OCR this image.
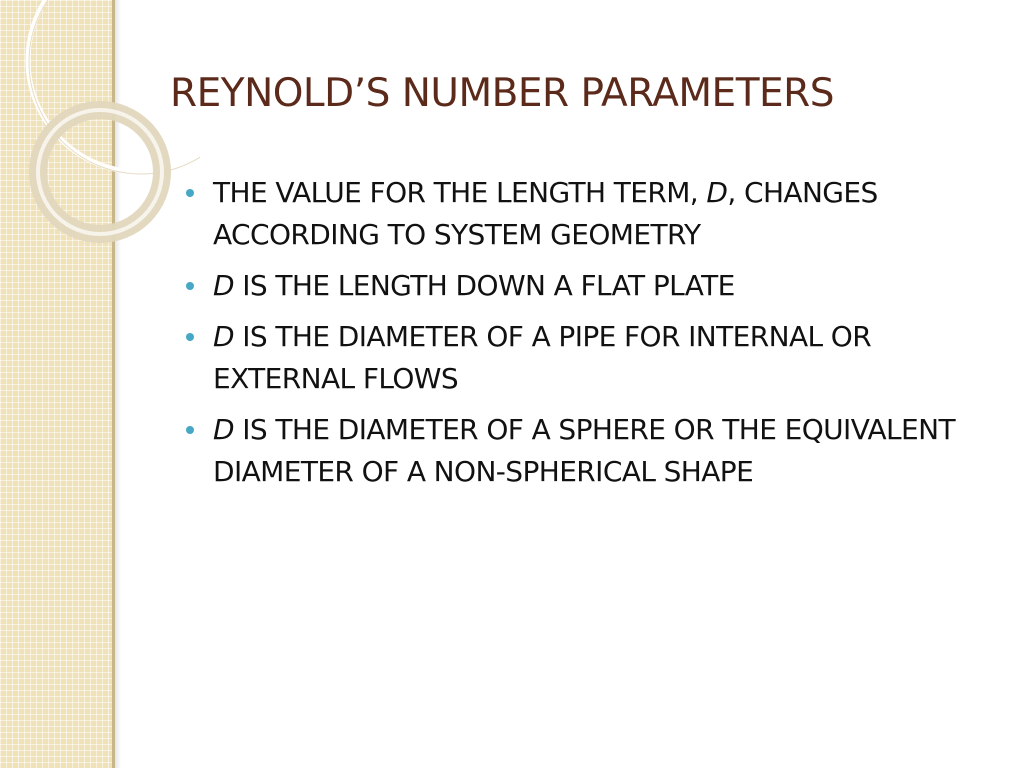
REYNOLD’S NUMBER PARAMETERS
THE VALUE FOR THE LENGTH TERM, D, CHANGES ACCORDING TO SYSTEM GEOMETRY
D IS THE LENGTH DOWN A FLAT PLATE
D IS THE DIAMETER OF A PIPE FOR INTERNAL OR EXTERNAL FLOWS
D IS THE DIAMETER OF A SPHERE OR THE EQUIVALENT DIAMETER OF A NON-SPHERICAL SHAPE
